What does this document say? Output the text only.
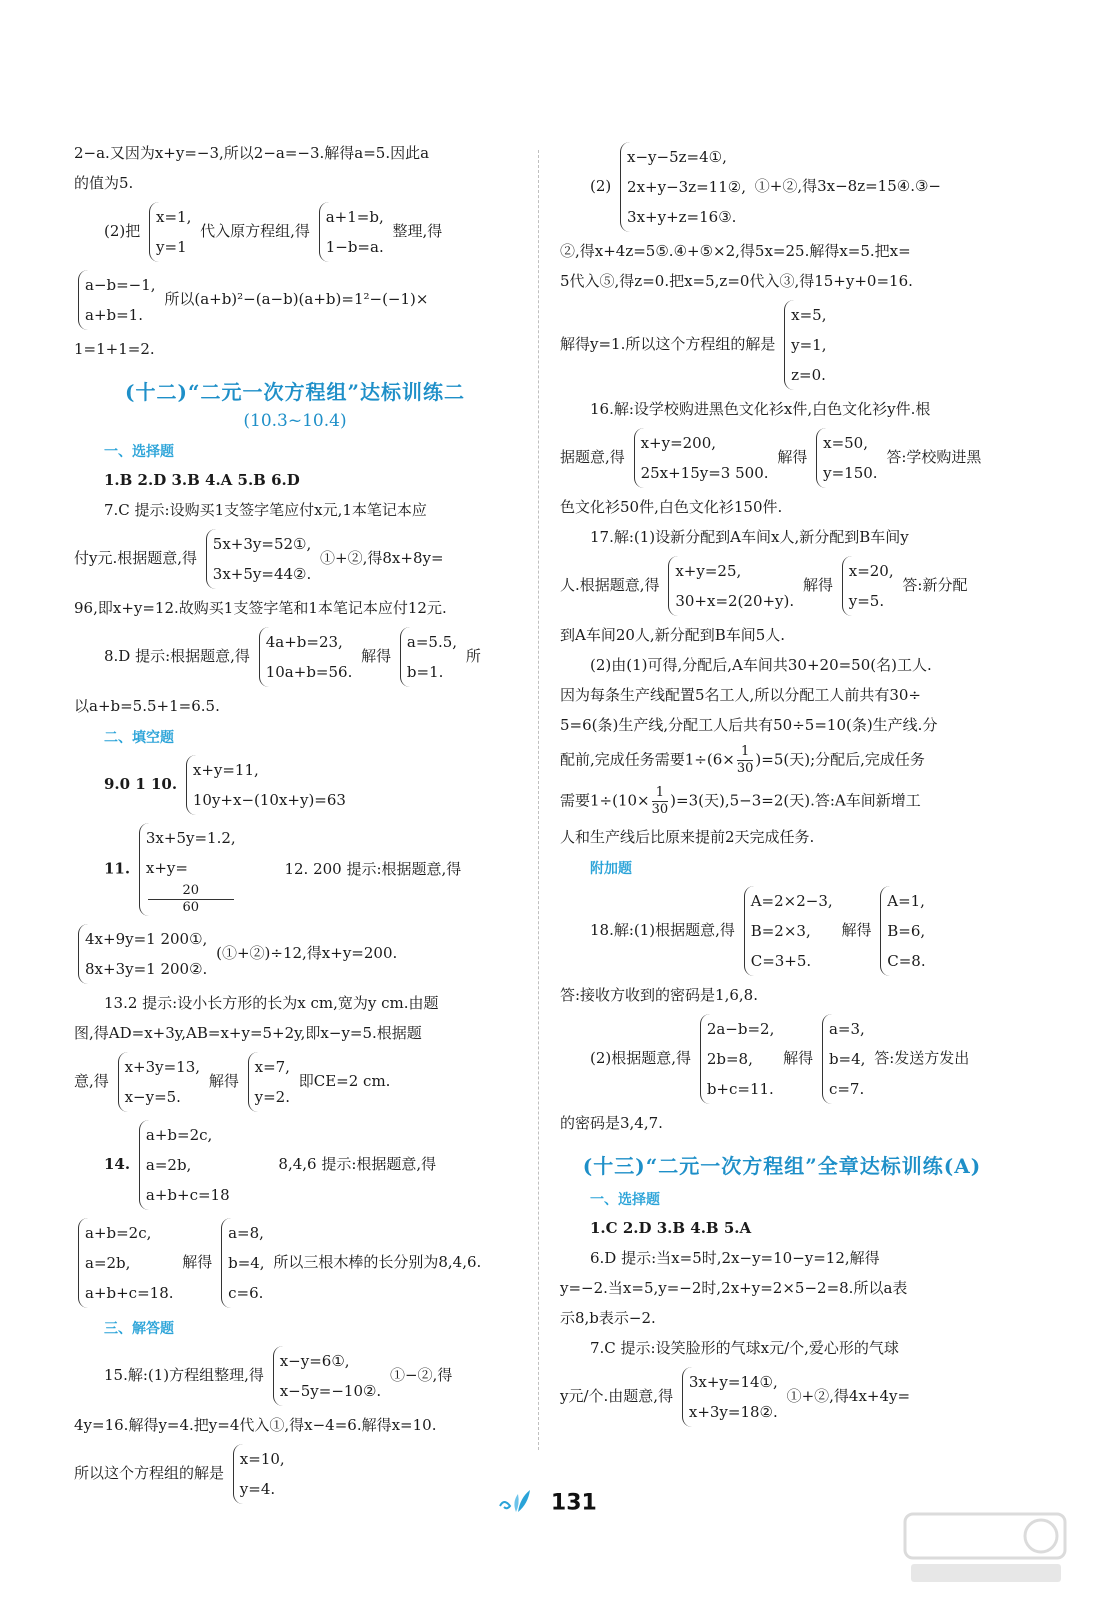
2−a.又因为x+y=−3,所以2−a=−3.解得a=5.因此a

的值为5.

(2)把
x=1,
y=1
代入原方程组,得
a+1=b,
1−b=a.
整理,得

a−b=−1,
a+b=1.
所以(a+b)²−(a−b)(a+b)=1²−(−1)×

1=1+1=2.

(十二)“二元一次方程组”达标训练二

(10.3~10.4)

一、选择题

1.B 2.D 3.B 4.A 5.B 6.D

7.C 提示:设购买1支签字笔应付x元,1本笔记本应

付y元.根据题意,得
5x+3y=52①,
3x+5y=44②.
①+②,得8x+8y=

96,即x+y=12.故购买1支签字笔和1本笔记本应付12元.

8.D 提示:根据题意,得
4a+b=23,
10a+b=56.
解得
a=5.5,
b=1.
所

以a+b=5.5+1=6.5.

二、填空题

9.0 1 10.
x+y=11,
10y+x−(10x+y)=63

11.
3x+5y=1.2,
x+y=
20
60
12. 200 提示:根据题意,得

4x+9y=1 200①,
8x+3y=1 200②.
(①+②)÷12,得x+y=200.

13.2 提示:设小长方形的长为x cm,宽为y cm.由题

图,得AD=x+3y,AB=x+y=5+2y,即x−y=5.根据题

意,得
x+3y=13,
x−y=5.
解得
x=7,
y=2.
即CE=2 cm.

14.
a+b=2c,
a=2b,
a+b+c=18
8,4,6 提示:根据题意,得

a+b=2c,
a=2b,
a+b+c=18.
解得
a=8,
b=4,
c=6.
所以三根木棒的长分别为8,4,6.

三、解答题

15.解:(1)方程组整理,得
x−y=6①,
x−5y=−10②.
①−②,得

4y=16.解得y=4.把y=4代入①,得x−4=6.解得x=10.

所以这个方程组的解是
x=10,
y=4.

(2)
x−y−5z=4①,
2x+y−3z=11②,
3x+y+z=16③.
①+②,得3x−8z=15④.③−

②,得x+4z=5⑤.④+⑤×2,得5x=25.解得x=5.把x=

5代入⑤,得z=0.把x=5,z=0代入③,得15+y+0=16.

解得y=1.所以这个方程组的解是
x=5,
y=1,
z=0.

16.解:设学校购进黑色文化衫x件,白色文化衫y件.根

据题意,得
x+y=200,
25x+15y=3 500.
解得
x=50,
y=150.
答:学校购进黑

色文化衫50件,白色文化衫150件.

17.解:(1)设新分配到A车间x人,新分配到B车间y

人.根据题意,得
x+y=25,
30+x=2(20+y).
解得
x=20,
y=5.
答:新分配

到A车间20人,新分配到B车间5人.

(2)由(1)可得,分配后,A车间共30+20=50(名)工人.

因为每条生产线配置5名工人,所以分配工人前共有30÷

5=6(条)生产线,分配工人后共有50÷5=10(条)生产线.分

配前,完成任务需要$1\div(6\times \frac{1}{30} )=5$(天);分配后,完成任务

需要$1\div(10\times \frac{1}{30} )=3$(天),5−3=2(天).答:A车间新增工

人和生产线后比原来提前2天完成任务.

附加题

18.解:(1)根据题意,得
A=2×2−3,
B=2×3,
C=3+5.
解得
A=1,
B=6,
C=8.

答:接收方收到的密码是1,6,8.

(2)根据题意,得
2a−b=2,
2b=8,
b+c=11.
解得
a=3,
b=4,
c=7.
答:发送方发出

的密码是3,4,7.

(十三)“二元一次方程组”全章达标训练(A)

一、选择题

1.C 2.D 3.B 4.B 5.A

6.D 提示:当x=5时,2x−y=10−y=12,解得

y=−2.当x=5,y=−2时,2x+y=2×5−2=8.所以a表

示8,b表示−2.

7.C 提示:设笑脸形的气球x元/个,爱心形的气球

y元/个.由题意,得
3x+y=14①,
x+3y=18②.
①+②,得4x+4y=

131
